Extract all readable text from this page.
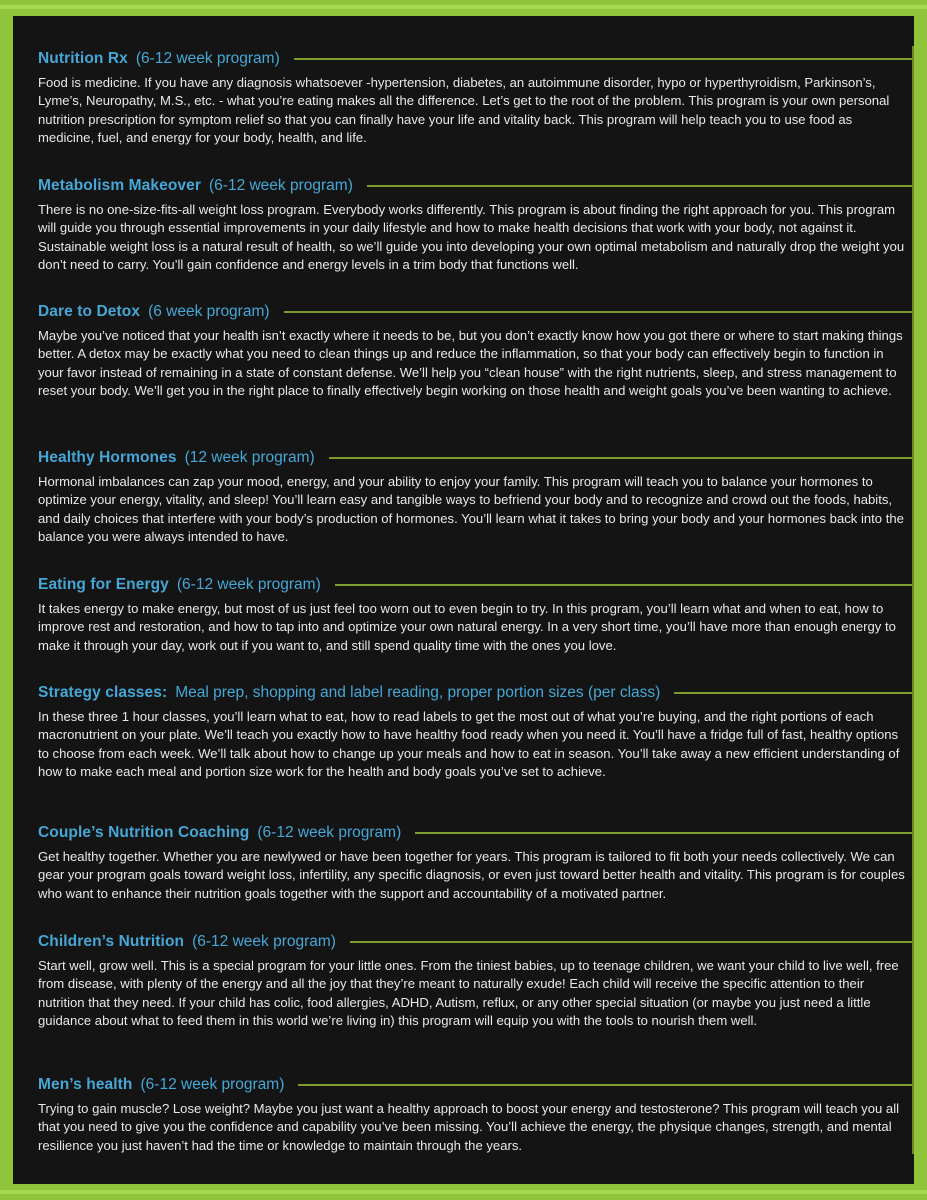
Nutrition Rx (6-12 week program)
Food is medicine. If you have any diagnosis whatsoever -hypertension, diabetes, an autoimmune disorder, hypo or hyperthyroidism, Parkinson’s, Lyme’s, Neuropathy, M.S., etc. - what you’re eating makes all the difference. Let’s get to the root of the problem. This program is your own personal nutrition prescription for symptom relief so that you can finally have your life and vitality back. This program will help teach you to use food as medicine, fuel, and energy for your body, health, and life.
Metabolism Makeover (6-12 week program)
There is no one-size-fits-all weight loss program. Everybody works differently. This program is about finding the right approach for you. This program will guide you through essential improvements in your daily lifestyle and how to make health decisions that work with your body, not against it. Sustainable weight loss is a natural result of health, so we’ll guide you into developing your own optimal metabolism and naturally drop the weight you don’t need to carry. You’ll gain confidence and energy levels in a trim body that functions well.
Dare to Detox (6 week program)
Maybe you’ve noticed that your health isn’t exactly where it needs to be, but you don’t exactly know how you got there or where to start making things better. A detox may be exactly what you need to clean things up and reduce the inflammation, so that your body can effectively begin to function in your favor instead of remaining in a state of constant defense. We’ll help you “clean house” with the right nutrients, sleep, and stress management to reset your body. We’ll get you in the right place to finally effectively begin working on those health and weight goals you’ve been wanting to achieve.
Healthy Hormones (12 week program)
Hormonal imbalances can zap your mood, energy, and your ability to enjoy your family. This program will teach you to balance your hormones to optimize your energy, vitality, and sleep! You’ll learn easy and tangible ways to befriend your body and to recognize and crowd out the foods, habits, and daily choices that interfere with your body’s production of hormones. You’ll learn what it takes to bring your body and your hormones back into the balance you were always intended to have.
Eating for Energy (6-12 week program)
It takes energy to make energy, but most of us just feel too worn out to even begin to try. In this program, you’ll learn what and when to eat, how to improve rest and restoration, and how to tap into and optimize your own natural energy. In a very short time, you’ll have more than enough energy to make it through your day, work out if you want to, and still spend quality time with the ones you love.
Strategy classes: Meal prep, shopping and label reading, proper portion sizes (per class)
In these three 1 hour classes, you’ll learn what to eat, how to read labels to get the most out of what you’re buying, and the right portions of each macronutrient on your plate. We’ll teach you exactly how to have healthy food ready when you need it. You’ll have a fridge full of fast, healthy options to choose from each week. We’ll talk about how to change up your meals and how to eat in season. You’ll take away a new efficient understanding of how to make each meal and portion size work for the health and body goals you’ve set to achieve.
Couple’s Nutrition Coaching (6-12 week program)
Get healthy together. Whether you are newlywed or have been together for years. This program is tailored to fit both your needs collectively. We can gear your program goals toward weight loss, infertility, any specific diagnosis, or even just toward better health and vitality. This program is for couples who want to enhance their nutrition goals together with the support and accountability of a motivated partner.
Children’s Nutrition (6-12 week program)
Start well, grow well. This is a special program for your little ones. From the tiniest babies, up to teenage children, we want your child to live well, free from disease, with plenty of the energy and all the joy that they’re meant to naturally exude! Each child will receive the specific attention to their nutrition that they need. If your child has colic, food allergies, ADHD, Autism, reflux, or any other special situation (or maybe you just need a little guidance about what to feed them in this world we’re living in) this program will equip you with the tools to nourish them well.
Men’s health (6-12 week program)
Trying to gain muscle? Lose weight? Maybe you just want a healthy approach to boost your energy and testosterone? This program will teach you all that you need to give you the confidence and capability you’ve been missing. You’ll achieve the energy, the physique changes, strength, and mental resilience you just haven’t had the time or knowledge to maintain through the years.
